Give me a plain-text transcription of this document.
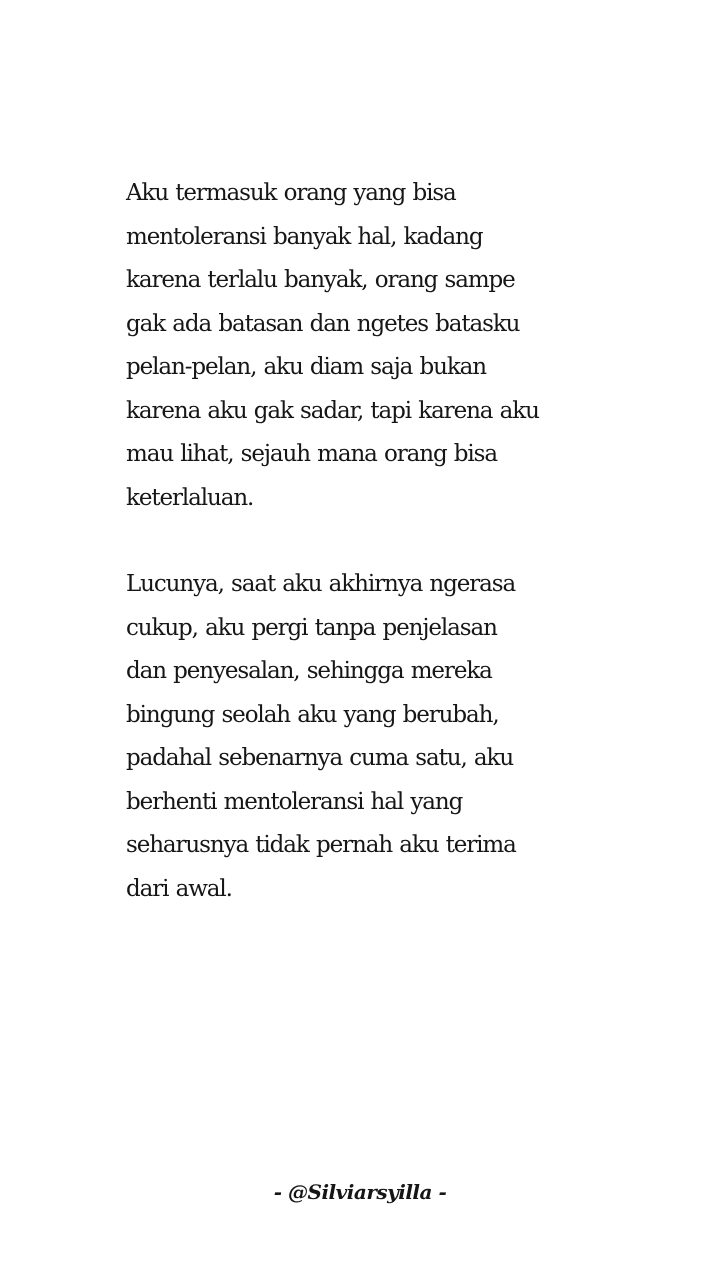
Aku termasuk orang yang bisa
mentoleransi banyak hal, kadang
karena terlalu banyak, orang sampe
gak ada batasan dan ngetes batasku
pelan-pelan, aku diam saja bukan
karena aku gak sadar, tapi karena aku
mau lihat, sejauh mana orang bisa
keterlaluan.

Lucunya, saat aku akhirnya ngerasa
cukup, aku pergi tanpa penjelasan
dan penyesalan, sehingga mereka
bingung seolah aku yang berubah,
padahal sebenarnya cuma satu, aku
berhenti mentoleransi hal yang
seharusnya tidak pernah aku terima
dari awal.

- @Silviarsyilla -
